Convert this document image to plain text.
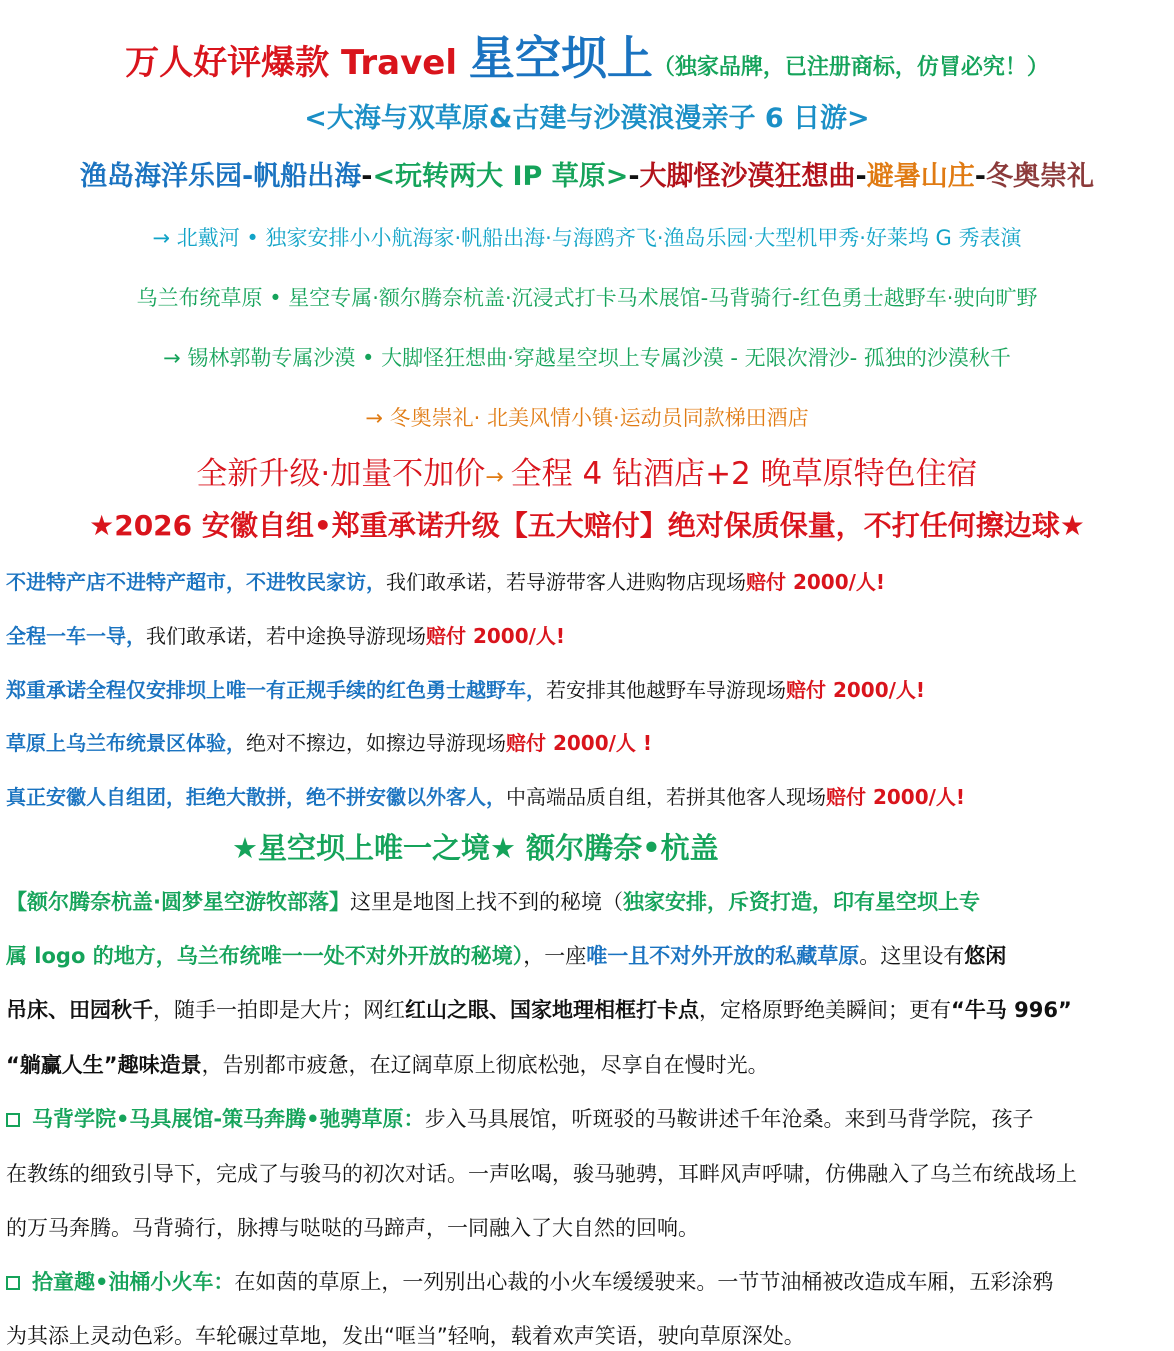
万人好评爆款 Travel 星空坝上（独家品牌，已注册商标，仿冒必究！）
<大海与双草原&古建与沙漠浪漫亲子 6 日游>
渔岛海洋乐园-帆船出海-<玩转两大 IP 草原>-大脚怪沙漠狂想曲-避暑山庄-冬奥崇礼
→ 北戴河 • 独家安排小小航海家·帆船出海·与海鸥齐飞·渔岛乐园·大型机甲秀·好莱坞 G 秀表演
乌兰布统草原 • 星空专属·额尔腾奈杭盖·沉浸式打卡马术展馆-马背骑行-红色勇士越野车·驶向旷野
→ 锡林郭勒专属沙漠 • 大脚怪狂想曲·穿越星空坝上专属沙漠 - 无限次滑沙- 孤独的沙漠秋千
→ 冬奥崇礼· 北美风情小镇·运动员同款梯田酒店
全新升级·加量不加价→ 全程 4 钻酒店+2 晚草原特色住宿
★2026 安徽自组•郑重承诺升级【五大赔付】绝对保质保量，不打任何擦边球★
不进特产店不进特产超市，不进牧民家访，我们敢承诺，若导游带客人进购物店现场赔付 2000/人!
全程一车一导，我们敢承诺，若中途换导游现场赔付 2000/人!
郑重承诺全程仅安排坝上唯一有正规手续的红色勇士越野车，若安排其他越野车导游现场赔付 2000/人!
草原上乌兰布统景区体验，绝对不擦边，如擦边导游现场赔付 2000/人 !
真正安徽人自组团，拒绝大散拼，绝不拼安徽以外客人，中高端品质自组，若拼其他客人现场赔付 2000/人!
★星空坝上唯一之境★ 额尔腾奈•杭盖
【额尔腾奈杭盖·圆梦星空游牧部落】这里是地图上找不到的秘境（独家安排，斥资打造，印有星空坝上专
属 logo 的地方，乌兰布统唯一一处不对外开放的秘境），一座唯一且不对外开放的私藏草原。这里设有悠闲
吊床、田园秋千，随手一拍即是大片；网红红山之眼、国家地理相框打卡点，定格原野绝美瞬间；更有“牛马 996”
“躺赢人生”趣味造景，告别都市疲惫，在辽阔草原上彻底松弛，尽享自在慢时光。
马背学院•马具展馆-策马奔腾•驰骋草原：步入马具展馆，听斑驳的马鞍讲述千年沧桑。来到马背学院，孩子
在教练的细致引导下，完成了与骏马的初次对话。一声吆喝，骏马驰骋，耳畔风声呼啸，仿佛融入了乌兰布统战场上
的万马奔腾。马背骑行，脉搏与哒哒的马蹄声，一同融入了大自然的回响。
拾童趣•油桶小火车：在如茵的草原上，一列别出心裁的小火车缓缓驶来。一节节油桶被改造成车厢，五彩涂鸦
为其添上灵动色彩。车轮碾过草地，发出“哐当”轻响，载着欢声笑语，驶向草原深处。
